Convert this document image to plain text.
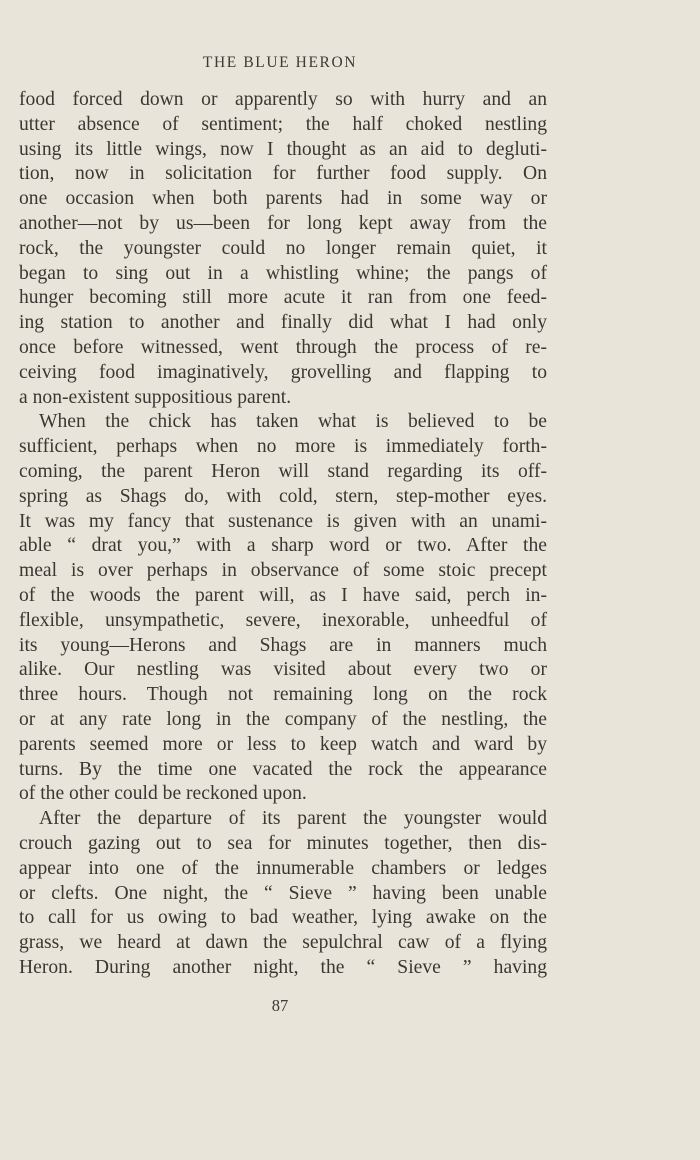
THE BLUE HERON
food forced down or apparently so with hurry and an
utter absence of sentiment; the half choked nestling
using its little wings, now I thought as an aid to degluti-
tion, now in solicitation for further food supply. On
one occasion when both parents had in some way or
another—not by us—been for long kept away from the
rock, the youngster could no longer remain quiet, it
began to sing out in a whistling whine; the pangs of
hunger becoming still more acute it ran from one feed-
ing station to another and finally did what I had only
once before witnessed, went through the process of re-
ceiving food imaginatively, grovelling and flapping to
a non-existent suppositious parent.
When the chick has taken what is believed to be
sufficient, perhaps when no more is immediately forth-
coming, the parent Heron will stand regarding its off-
spring as Shags do, with cold, stern, step-mother eyes.
It was my fancy that sustenance is given with an unami-
able “ drat you,” with a sharp word or two. After the
meal is over perhaps in observance of some stoic precept
of the woods the parent will, as I have said, perch in-
flexible, unsympathetic, severe, inexorable, unheedful of
its young—Herons and Shags are in manners much
alike. Our nestling was visited about every two or
three hours. Though not remaining long on the rock
or at any rate long in the company of the nestling, the
parents seemed more or less to keep watch and ward by
turns. By the time one vacated the rock the appearance
of the other could be reckoned upon.
After the departure of its parent the youngster would
crouch gazing out to sea for minutes together, then dis-
appear into one of the innumerable chambers or ledges
or clefts. One night, the “ Sieve ” having been unable
to call for us owing to bad weather, lying awake on the
grass, we heard at dawn the sepulchral caw of a flying
Heron. During another night, the “ Sieve ” having
87
